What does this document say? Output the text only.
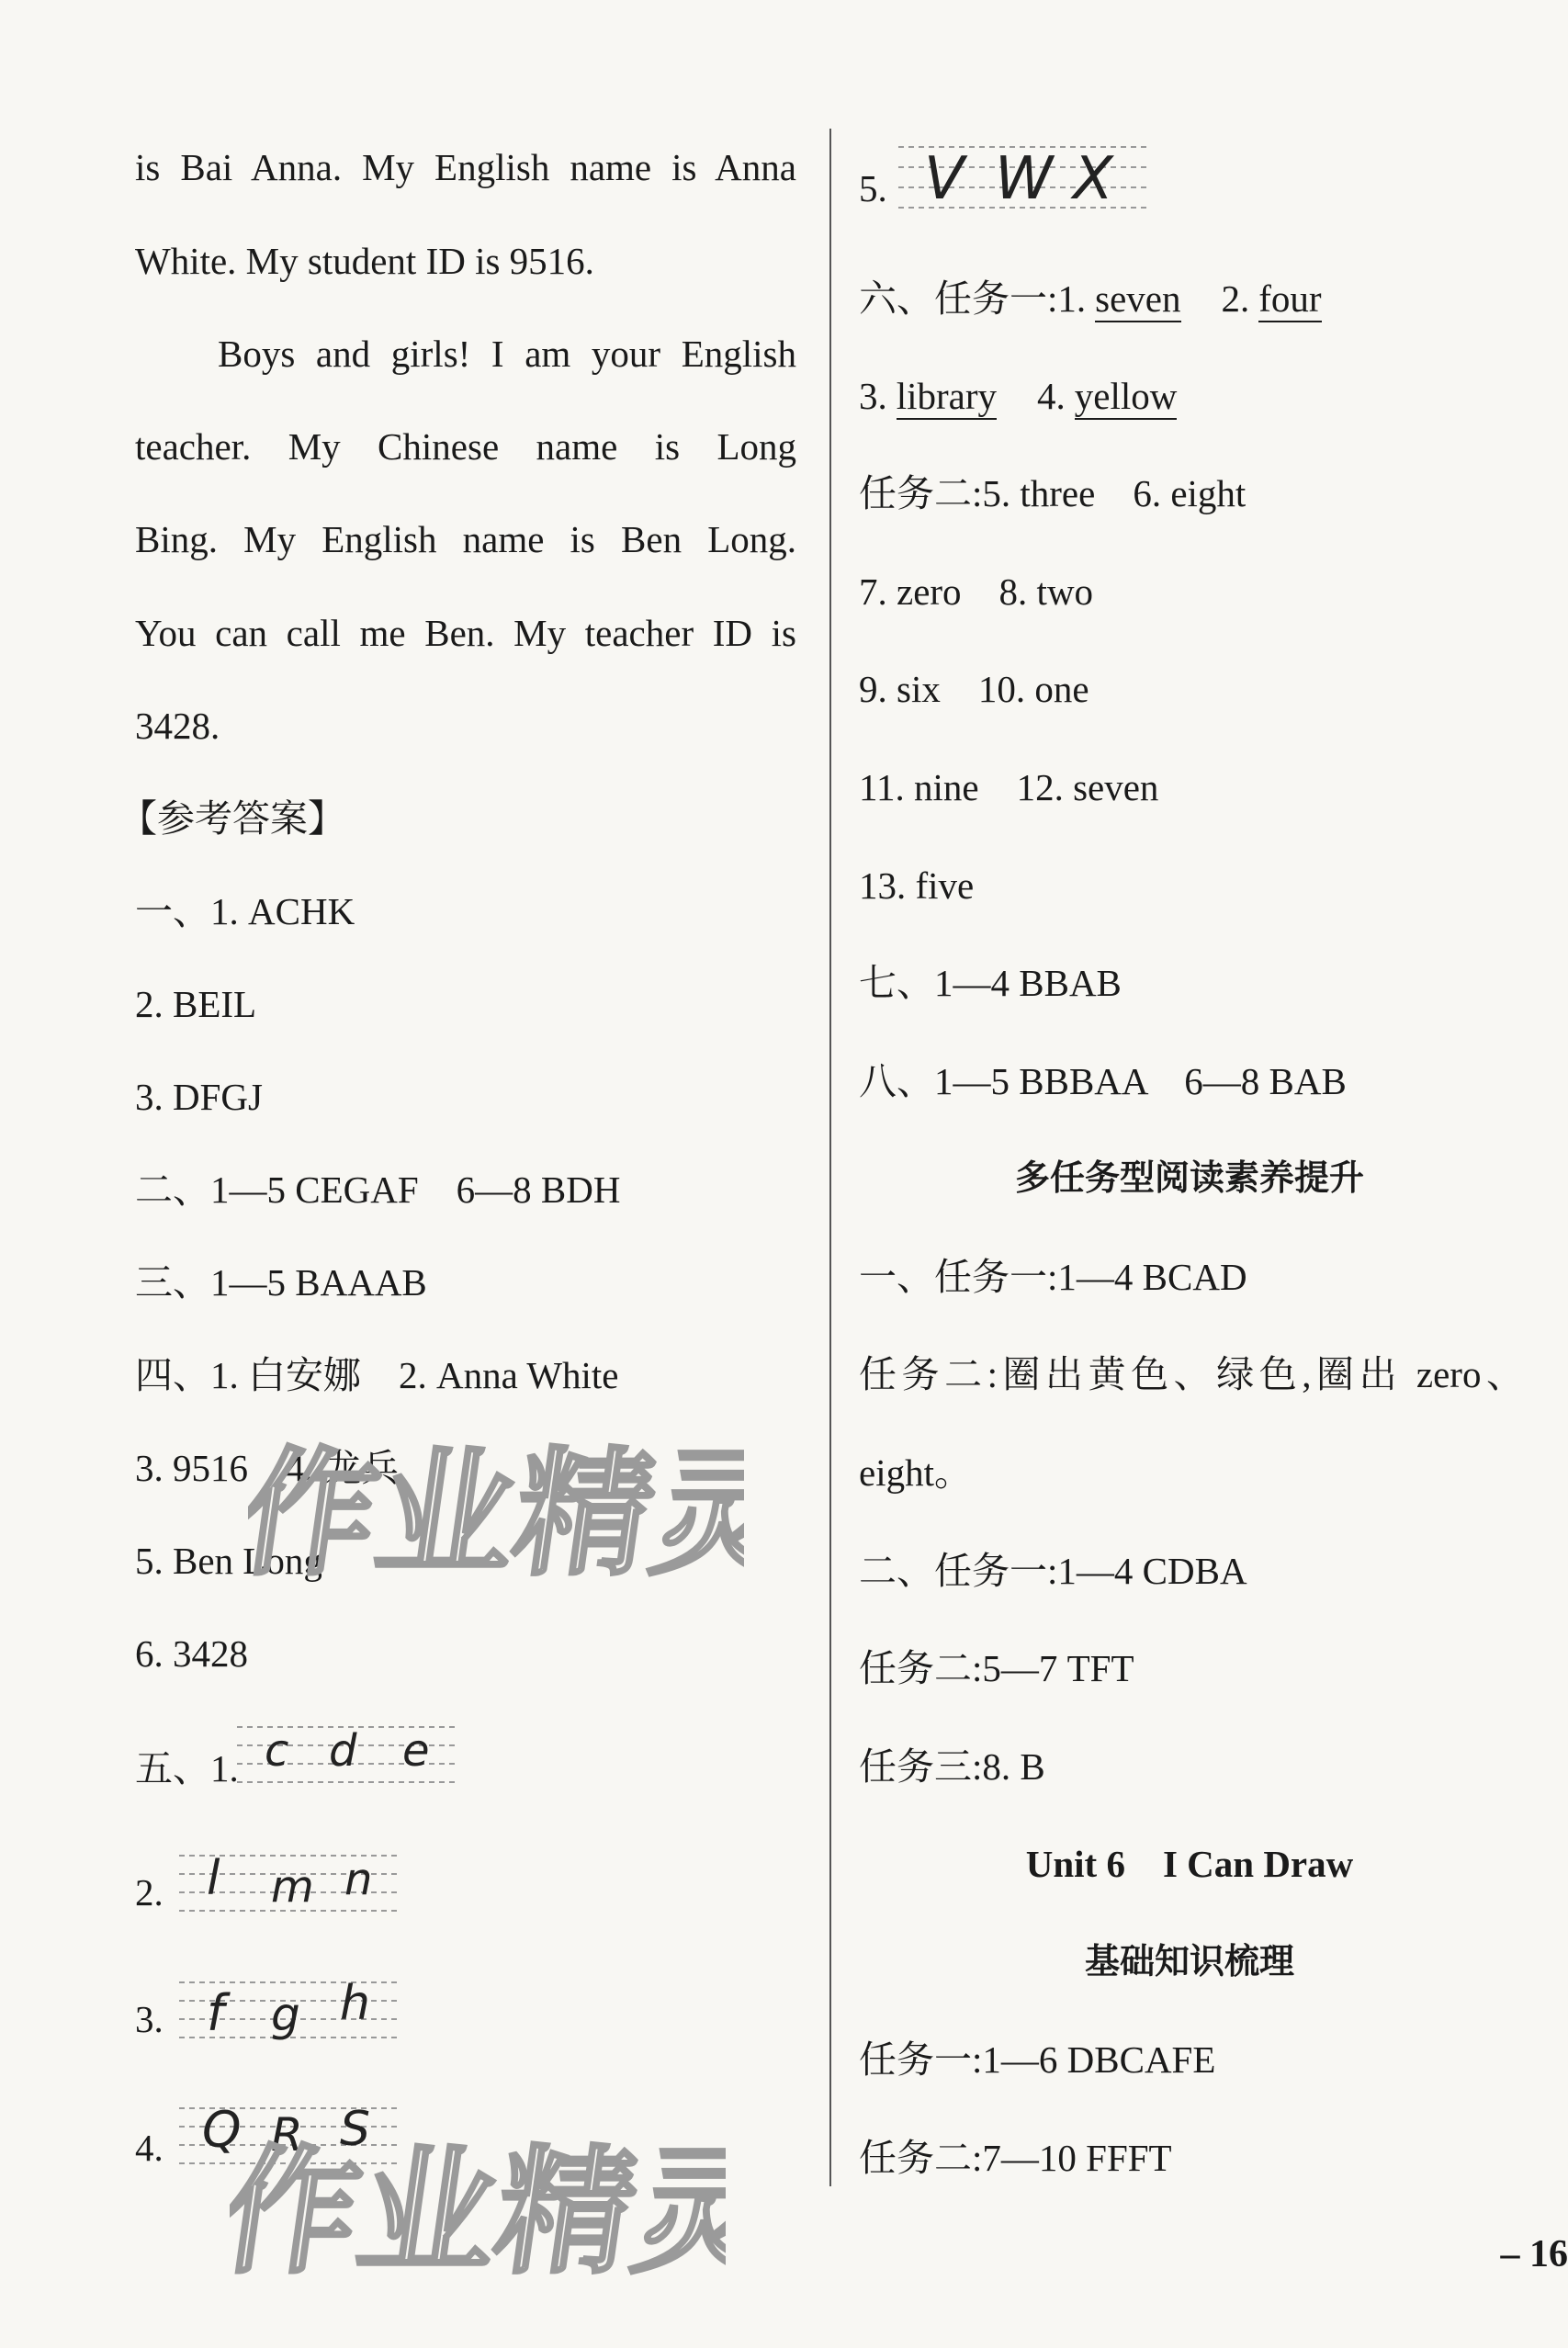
is Bai Anna. My English name is Anna
White. My student ID is 9516.
Boys and girls! I am your English
teacher. My Chinese name is Long
Bing. My English name is Ben Long.
You can call me Ben. My teacher ID is
3428.
【参考答案】
一、1. ACHK
2. BEIL
3. DFGJ
二、1—5 CEGAF    6—8 BDH
三、1—5 BAAAB
四、1. 白安娜    2. Anna White
3. 9516    4. 龙兵
5. Ben Long
6. 3428
五、1. c d e
2. l m n
3. f g h
4. Q R S
5. V W X
六、任务一:1. seven 2. four
3. library 4. yellow
任务二:5. three    6. eight
7. zero    8. two
9. six    10. one
11. nine    12. seven
13. five
七、1—4 BBAB
八、1—5 BBBAA    6—8 BAB
多任务型阅读素养提升
一、任务一:1—4 BCAD
任务二:圈出黄色、绿色,圈出 zero、
eight。
二、任务一:1—4 CDBA
任务二:5—7 TFT
任务三:8. B
Unit 6    I Can Draw
基础知识梳理
任务一:1—6 DBCAFE
任务二:7—10 FFFT
– 16
作业精灵
作业精灵
